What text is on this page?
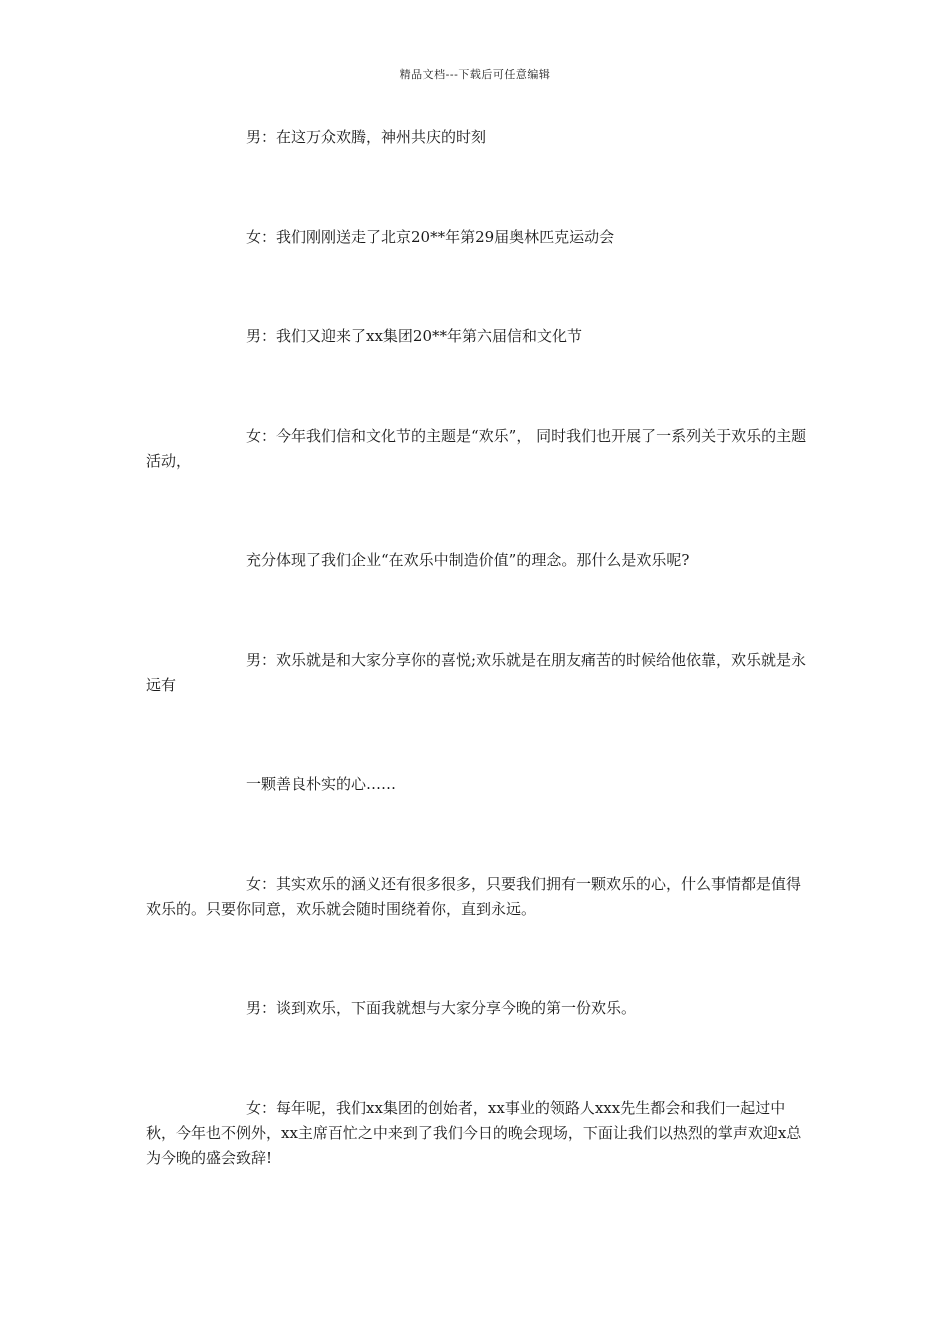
精品文档---下载后可任意编辑

男：在这万众欢腾，神州共庆的时刻

女：我们刚刚送走了北京20**年第29届奥林匹克运动会

男：我们又迎来了xx集团20**年第六届信和文化节

女：今年我们信和文化节的主题是“欢乐”， 同时我们也开展了一系列关于欢乐的主题活动，

充分体现了我们企业“在欢乐中制造价值”的理念。那什么是欢乐呢?

男：欢乐就是和大家分享你的喜悦;欢乐就是在朋友痛苦的时候给他依靠，欢乐就是永远有

一颗善良朴实的心……

女：其实欢乐的涵义还有很多很多，只要我们拥有一颗欢乐的心，什么事情都是值得欢乐的。只要你同意，欢乐就会随时围绕着你，直到永远。

男：谈到欢乐，下面我就想与大家分享今晚的第一份欢乐。

女：每年呢，我们xx集团的创始者，xx事业的领路人xxx先生都会和我们一起过中秋，今年也不例外，xx主席百忙之中来到了我们今日的晚会现场，下面让我们以热烈的掌声欢迎x总为今晚的盛会致辞!
